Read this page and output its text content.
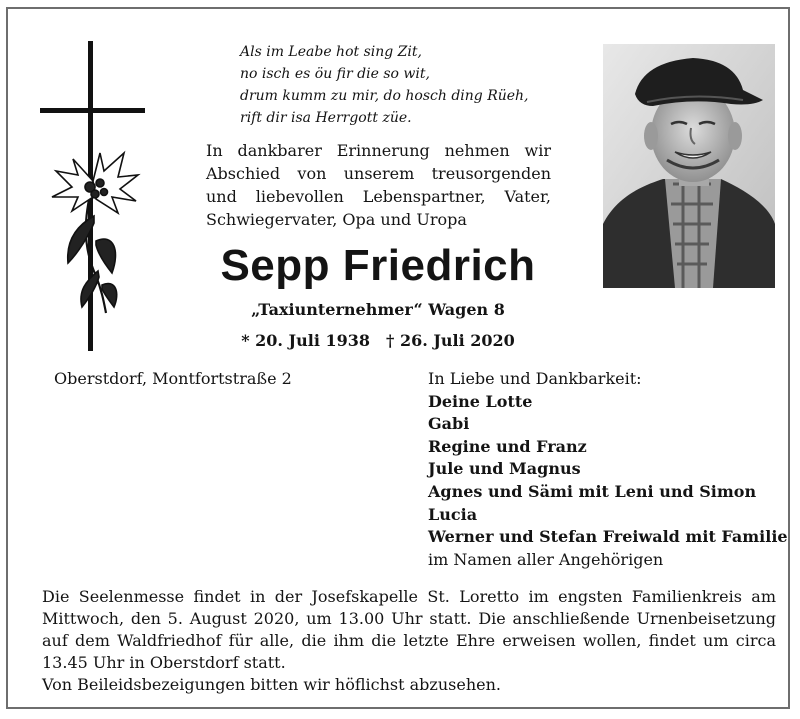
Als im Leabe hot sing Zit,
no isch es öu fir die so wit,
drum kumm zu mir, do hosch ding Rüeh,
rift dir isa Herrgott züe.
In dankbarer Erinnerung nehmen wir
Abschied von unserem treusorgenden
und liebevollen Lebenspartner, Vater,
Schwiegervater, Opa und Uropa
Sepp Friedrich
„Taxiunternehmer“ Wagen 8
* 20. Juli 1938 † 26. Juli 2020
Oberstdorf, Montfortstraße 2	In Liebe und Dankbarkeit:
Deine Lotte
Gabi
Regine und Franz
Jule und Magnus
Agnes und Sämi mit Leni und Simon
Lucia
Werner und Stefan Freiwald mit Familie
im Namen aller Angehörigen
Die Seelenmesse findet in der Josefskapelle St. Loretto im engsten Familienkreis am
Mittwoch, den 5. August 2020, um 13.00 Uhr statt. Die anschließende Urnenbeisetzung
auf dem Waldfriedhof für alle, die ihm die letzte Ehre erweisen wollen, findet um circa
13.45 Uhr in Oberstdorf statt.
Von Beileidsbezeigungen bitten wir höflichst abzusehen.
